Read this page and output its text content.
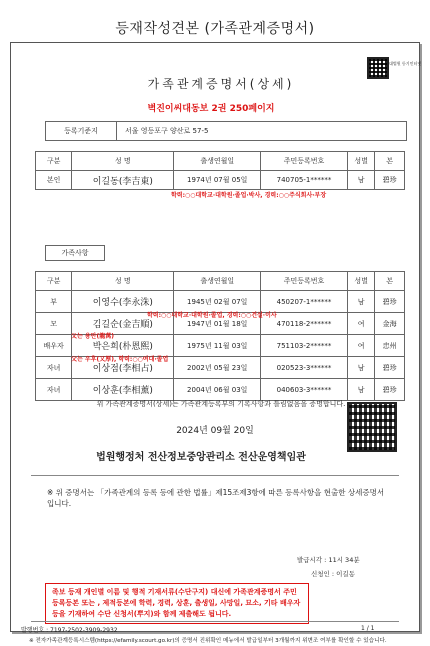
등재작성견본 (가족관계증명서)
대법원 등기인터넷
가족관계증명서(상세)
벽진이씨대동보 2권 250페이지
등록기준지	서울 영등포구 양산로 57-5
구분	성 명	출생연월일	주민등록번호	성별	본
본인	이길동(李吉東)	1974년 07월 05일	740705-1******	남	碧珍
학력:○○대학교·대학원·졸업·박사, 경력:○○주식회사·부장
가족사항
구분	성 명	출생연월일	주민등록번호	성별	본
부	이영수(李永洙)	1945년 02월 07일	450207-1******	남	碧珍
모	김길순(金吉順)	1947년 01월 18일	470118-2******	여	金海
배우자	박은희(朴恩熙)	1975년 11월 03일	751103-2******	여	忠州
자녀	이상점(李相占)	2002년 05월 23일	020523-3******	남	碧珍
자녀	이상훈(李相薰)	2004년 06월 03일	040603-3******	남	碧珍
학력:○○대학교·대학원·졸업, 경력:○○건설·이사
父는 용만(龍萬)
父는 우후(又厚), 학력:○○여대·졸업
위 가족관계증명서(상세)는 가족관계등록부의 기록사항과 틀림없음을 증명합니다.
2024년 09월 20일
법원행정처 전산정보중앙관리소 전산운영책임관
※ 위 증명서는 「가족관계의 등록 등에 관한 법률」제15조제3항에 따른 등록사항을 현출한 상세증명서입니다.
발급시각 : 11시 34분
신청인 : 이길동
족보 등재 개인별 이름 및 행적 기재서류(수단구지) 대신에 가족관계증명서 주민등록등본 또는 , 제적등본에 학력, 경력, 상훈, 출생일, 사망일, 묘소, 기타 배우자 등을 기재하여 수단 신청서(뿌지)와 함께 제출해도 됩니다.
발행번호 : 7197-2502-3909-2932	1 / 1
※ 전자가족관계등록시스템(https://efamily.scourt.go.kr)의 증명서 진위확인 메뉴에서 발급일부터 3개월까지 위변조 여부를 확인할 수 있습니다.
